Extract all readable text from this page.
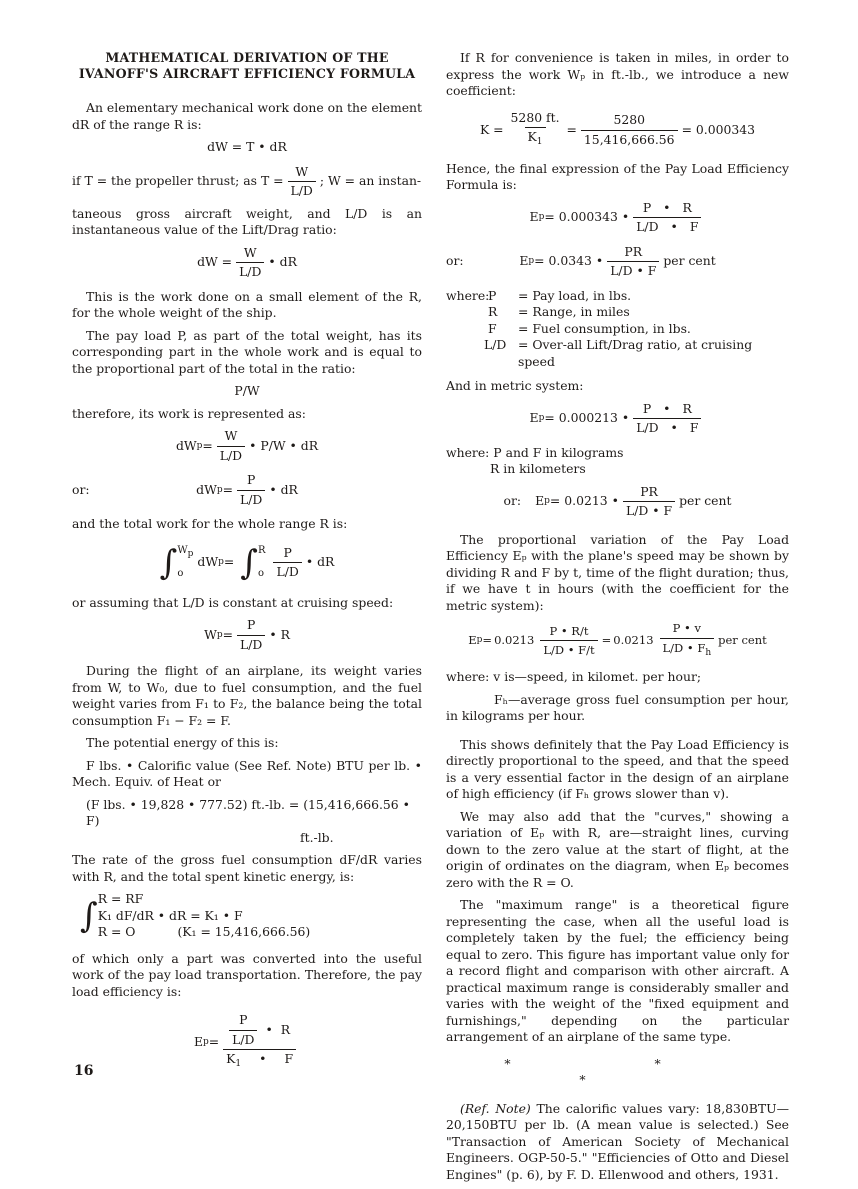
MATHEMATICAL DERIVATION OF THE IVANOFF'S AIRCRAFT EFFICIENCY FORMULA

An elementary mechanical work done on the element dR of the range R is:

dW = T • dR
if T = the propeller thrust; as $T = \frac{W}{L/D}$ ; W = an instan-

taneous gross aircraft weight, and L/D is an instantaneous value of the Lift/Drag ratio:

dW = $\frac{W}{L/D}$ • dR

This is the work done on a small element of the R, for the whole weight of the ship.

The pay load P, as part of the total weight, has its corresponding part in the whole work and is equal to the proportional part of the total in the ratio:

P/W

therefore, its work is represented as:

dW $p = \frac{W}{L/D}$ • P/W • dR
or:	dW $p = \frac{P}{L/D}$ • dR

and the total work for the whole range R is:

∫ Wp
o
dW p = ∫ R
o $\frac{P}{L/D}$ • dR

or assuming that L/D is constant at cruising speed:

W $p = \frac{P}{L/D}$ • R

During the flight of an airplane, its weight varies from W, to W₀, due to fuel consumption, and the fuel weight varies from F₁ to F₂, the balance being the total consumption F₁ − F₂ = F.

The potential energy of this is:

F lbs. • Calorific value (See Ref. Note) BTU per lb. • Mech. Equiv. of Heat or

(F lbs. • 19,828 • 777.52) ft.-lb. = (15,416,666.56 • F)
ft.-lb.

The rate of the gross fuel consumption dF/dR varies with R, and the total spent kinetic energy, is:

∫ R = RF
K₁ dF/dR • dR = K₁ • F
R = O	(K₁ = 15,416,666.56)

of which only a part was converted into the useful work of the pay load transportation. Therefore, the pay load efficiency is:

E $p = \frac{\frac{P}{L/D} • R}{K_1 • F}$

If R for convenience is taken in miles, in order to express the work Wₚ in ft.-lb., we introduce a new coefficient:

$K = \frac{5280 ft.}{K_1} = \frac{5280}{15,416,666.56} = 0.000343$

Hence, the final expression of the Pay Load Efficiency Formula is:

E p = 0.000343 • $\frac{P • R}{L/D • F}$
or:	E p = 0.0343 • $\frac{PR}{L/D • F}$ per cent
where:
P	= Pay load, in lbs.
R	= Range, in miles
F	= Fuel consumption, in lbs.
L/D = Over-all Lift/Drag ratio, at cruising speed

And in metric system:

E p = 0.000213 • $\frac{P • R}{L/D • F}$
where: P and F in kilograms
R in kilometers
or: E p = 0.0213 • $\frac{PR}{L/D • F}$ per cent

The proportional variation of the Pay Load Efficiency Eₚ with the plane's speed may be shown by dividing R and F by t, time of the flight duration; thus, if we have t in hours (with the coefficient for the metric system):

E $p = 0.0213 \frac{P • R/t}{L/D • F/t} = 0.0213 \frac{P • v}{L/D • F_h}$ per cent

where: v is—speed, in kilomet. per hour;

Fₕ—average gross fuel consumption per hour, in kilograms per hour.

This shows definitely that the Pay Load Efficiency is directly proportional to the speed, and that the speed is a very essential factor in the design of an airplane of high efficiency (if Fₕ grows slower than v).

We may also add that the "curves," showing a variation of Eₚ with R, are—straight lines, curving down to the zero value at the start of flight, at the origin of ordinates on the diagram, when Eₚ becomes zero with the R = O.

The "maximum range" is a theoretical figure representing the case, when all the useful load is completely taken by the fuel; the efficiency being equal to zero. This figure has important value only for a record flight and comparison with other aircraft. A practical maximum range is considerably smaller and varies with the weight of the "fixed equipment and furnishings," depending on the particular arrangement of an airplane of the same type.

* * *

(Ref. Note) The calorific values vary: 18,830BTU—20,150BTU per lb. (A mean value is selected.) See "Transaction of American Society of Mechanical Engineers. OGP-50-5." "Efficiencies of Otto and Diesel Engines" (p. 6), by F. D. Ellenwood and others, 1931.

16
